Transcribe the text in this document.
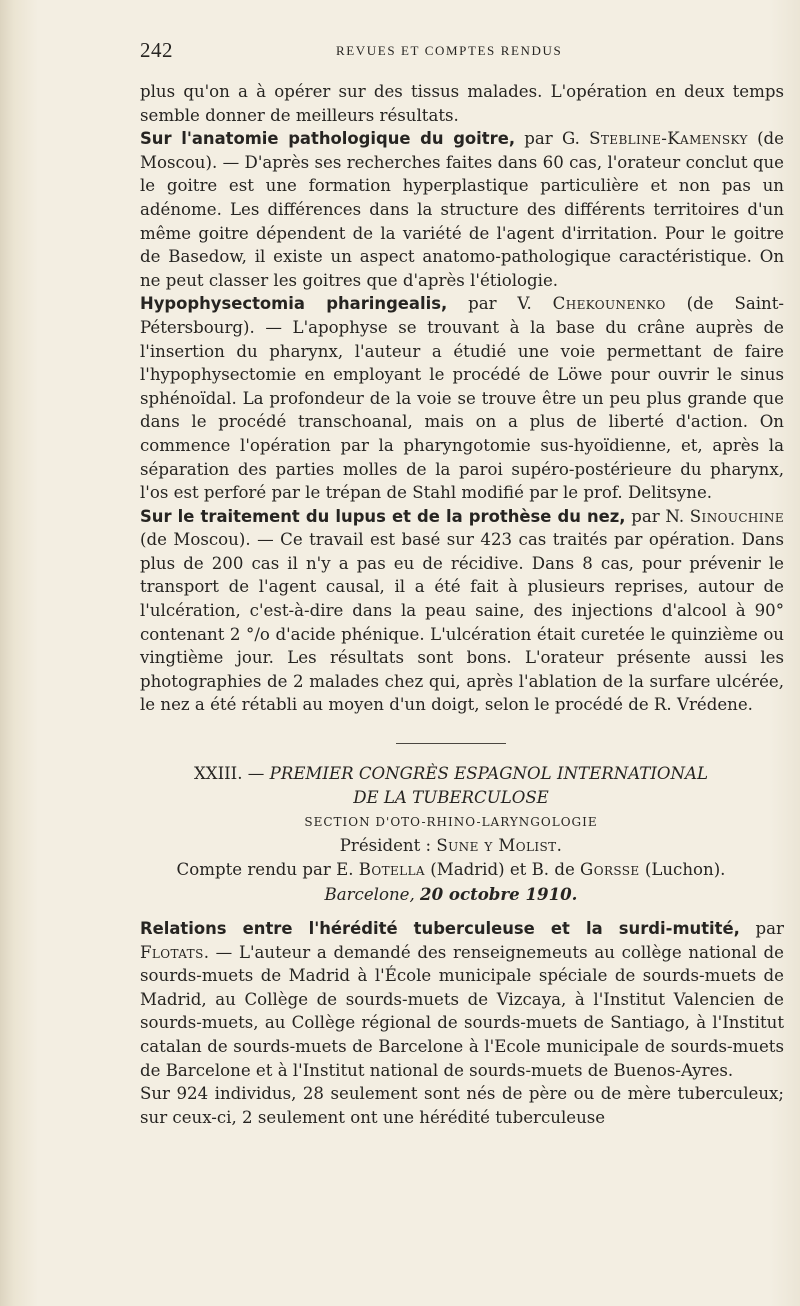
242	REVUES ET COMPTES RENDUS

plus qu'on a à opérer sur des tissus malades. L'opération en deux temps semble donner de meilleurs résultats.

Sur l'anatomie pathologique du goitre, par G. Stebline-Kamensky (de Moscou). — D'après ses recherches faites dans 60 cas, l'orateur conclut que le goitre est une formation hyperplastique particulière et non pas un adénome. Les différences dans la structure des différents territoires d'un même goitre dépendent de la variété de l'agent d'irritation. Pour le goitre de Basedow, il existe un aspect anatomo-pathologique caractéristique. On ne peut classer les goitres que d'après l'étiologie.

Hypophysectomia pharingealis, par V. Chekounenko (de Saint-Pétersbourg). — L'apophyse se trouvant à la base du crâne auprès de l'insertion du pharynx, l'auteur a étudié une voie permettant de faire l'hypophysectomie en employant le procédé de Löwe pour ouvrir le sinus sphénoïdal. La profondeur de la voie se trouve être un peu plus grande que dans le procédé transchoanal, mais on a plus de liberté d'action. On commence l'opération par la pharyngotomie sus-hyoïdienne, et, après la séparation des parties molles de la paroi supéro-postérieure du pharynx, l'os est perforé par le trépan de Stahl modifié par le prof. Delitsyne.

Sur le traitement du lupus et de la prothèse du nez, par N. Sinouchine (de Moscou). — Ce travail est basé sur 423 cas traités par opération. Dans plus de 200 cas il n'y a pas eu de récidive. Dans 8 cas, pour prévenir le transport de l'agent causal, il a été fait à plusieurs reprises, autour de l'ulcération, c'est-à-dire dans la peau saine, des injections d'alcool à 90° contenant 2 °/o d'acide phénique. L'ulcération était curetée le quinzième ou vingtième jour. Les résultats sont bons. L'orateur présente aussi les photographies de 2 malades chez qui, après l'ablation de la surfare ulcérée, le nez a été rétabli au moyen d'un doigt, selon le procédé de R. Vrédene.

XXIII. — PREMIER CONGRÈS ESPAGNOL INTERNATIONAL
DE LA TUBERCULOSE
SECTION D'OTO-RHINO-LARYNGOLOGIE
Président : Sune y Molist.
Compte rendu par E. Botella (Madrid) et B. de Gorsse (Luchon).
Barcelone, 20 octobre 1910.

Relations entre l'hérédité tuberculeuse et la surdi-mutité, par Flotats. — L'auteur a demandé des renseignemeuts au collège national de sourds-muets de Madrid à l'École municipale spéciale de sourds-muets de Madrid, au Collège de sourds-muets de Vizcaya, à l'Institut Valencien de sourds-muets, au Collège régional de sourds-muets de Santiago, à l'Institut catalan de sourds-muets de Barcelone à l'Ecole municipale de sourds-muets de Barcelone et à l'Institut national de sourds-muets de Buenos-Ayres.

Sur 924 individus, 28 seulement sont nés de père ou de mère tuberculeux; sur ceux-ci, 2 seulement ont une hérédité tuberculeuse
